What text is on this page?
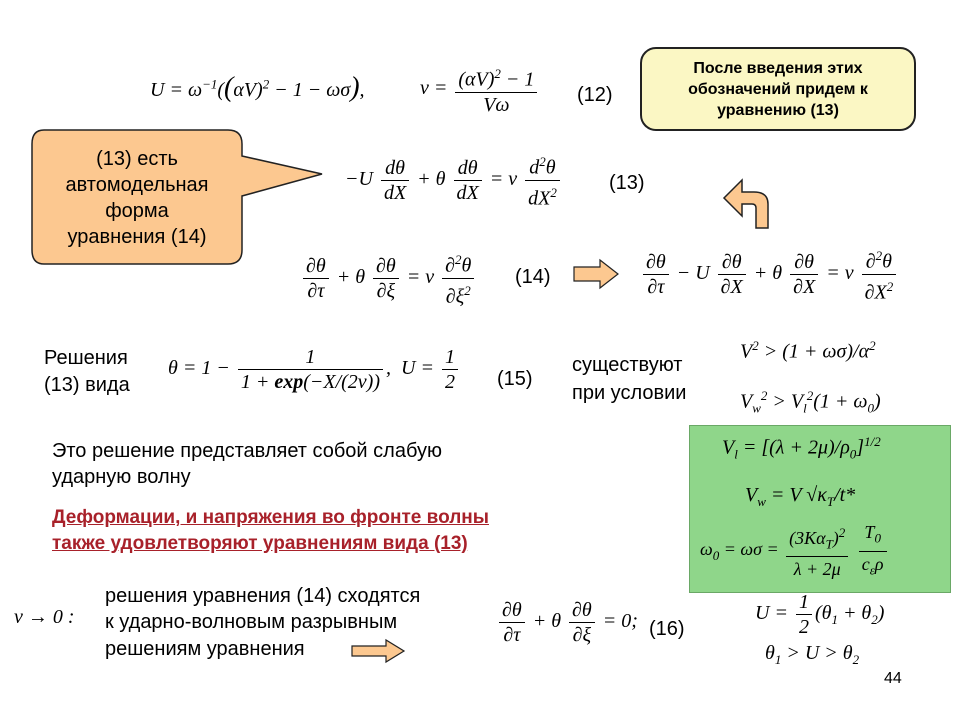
После введения этих
обозначений придем к
уравнению (13)
(13) есть
автомодельная
форма
уравнения (14)
$U = \omega^{-1}((\alpha V)^2 - 1 - \omega\sigma)$,	$\nu = \frac{(\alpha V)^2 - 1}{V\omega} (12)$
$-U \frac{d\theta}{dX} + \theta \frac{d\theta}{dX} = \nu \frac{d^2\theta}{dX^2} (13)$
$\frac{\partial\theta}{\partial\tau} + \theta \frac{\partial\theta}{\partial\xi} = \nu \frac{\partial^2\theta}{\partial\xi^2} (14)$	$\frac{\partial\theta}{\partial\tau} - U \frac{\partial\theta}{\partial X} + \theta \frac{\partial\theta}{\partial X} = \nu \frac{\partial^2\theta}{\partial X^2}$
Решения
(13) вида
$\theta = 1 - \frac{1}{1 + \exp(-X/(2\nu))}$ ,  $U = \frac{1}{2} (15)$
существуют
при условии
$V^2 > (1 + \omega\sigma)/\alpha^2$
$V_w^2 > V_l^2(1 + \omega_0)$
Это решение представляет собой слабую
ударную волну
Деформации, и напряжения во фронте волны
также удовлетворяют уравнениям вида (13)
$V_l = [(\lambda + 2\mu)/\rho_0]^{1/2}$
$V_w = V$ $√\kappa_T/t*$
$\omega_0 = \omega\sigma = \frac{(3K\alpha_T)^2}{\lambda + 2\mu}$
$\frac{T_0}{c_\varepsilon\rho}$
ν → 0 :
решения уравнения (14) сходятся
к ударно-волновым разрывным
решениям уравнения
$\frac{\partial\theta}{\partial\tau} + \theta \frac{\partial\theta}{\partial\xi} = 0$; (16)
$U = \frac{1}{2} (\theta_1 + \theta_2)$
$\theta_1 > U > \theta_2$
44
